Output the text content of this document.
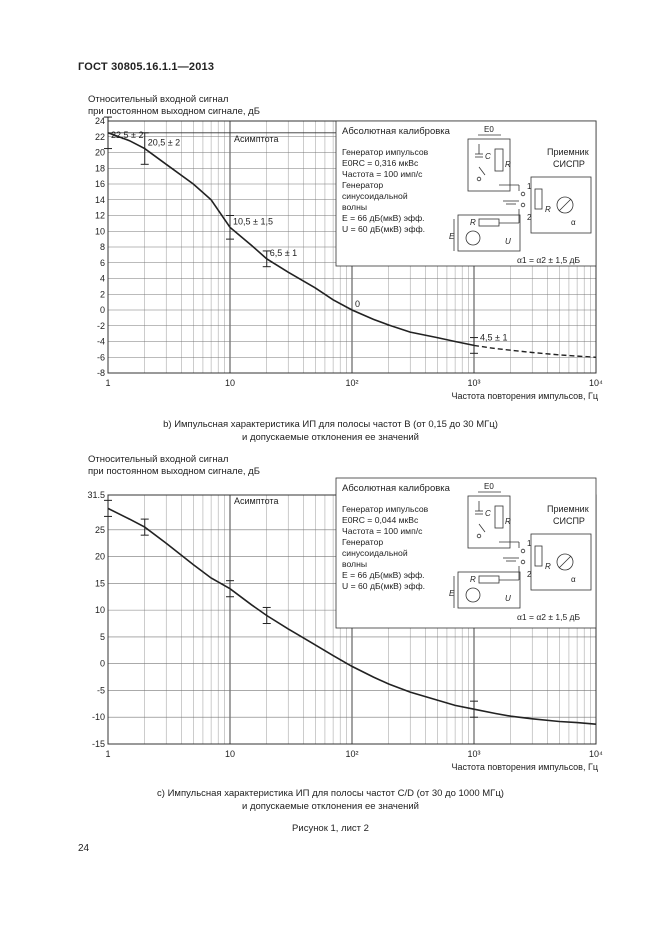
ГОСТ 30805.16.1.1—2013
Относительный входной сигнал
при постоянном выходном сигнале, дБ
24
22
20
18
16
14
12
10
8
6
4
2
0
-2
-4
-6
-8
1	10	10²	10³	10⁴
Частота повторения импульсов, Гц
Асимптота
22,5 ± 2
20,5 ± 2
10,5 ± 1,5
6,5 ± 1
0
4,5 ± 1
Абсолютная калибровка
Генератор импульсов
E0RC = 0,316 мкВс
Частота = 100 имп/с
Генератор
синусоидальной
волны
E = 66 дБ(мкВ) эфф.
U = 60 дБ(мкВ) эфф.
E0
C
R
1
2
Приемник
СИСПР
R
α
R
U
E
α1 = α2 ± 1,5 дБ
b) Импульсная характеристика ИП для полосы частот В (от 0,15 до 30 МГц)
и допускаемые отклонения ее значений
Относительный входной сигнал
при постоянном выходном сигнале, дБ
31.5
25
20
15
10
5
0
-5
-10
-15
1	10	10²	10³	10⁴
Частота повторения импульсов, Гц
Асимптота
Абсолютная калибровка
Генератор импульсов
E0RC = 0,044 мкВс
Частота = 100 имп/с
Генератор
синусоидальной
волны
E = 66 дБ(мкВ) эфф.
U = 60 дБ(мкВ) эфф.
E0
C
R
1
2
Приемник
СИСПР
R
α
R
U
E
α1 = α2 ± 1,5 дБ
с) Импульсная характеристика ИП для полосы частот С/D (от 30 до 1000 МГц)
и допускаемые отклонения ее значений
Рисунок 1, лист 2
24
